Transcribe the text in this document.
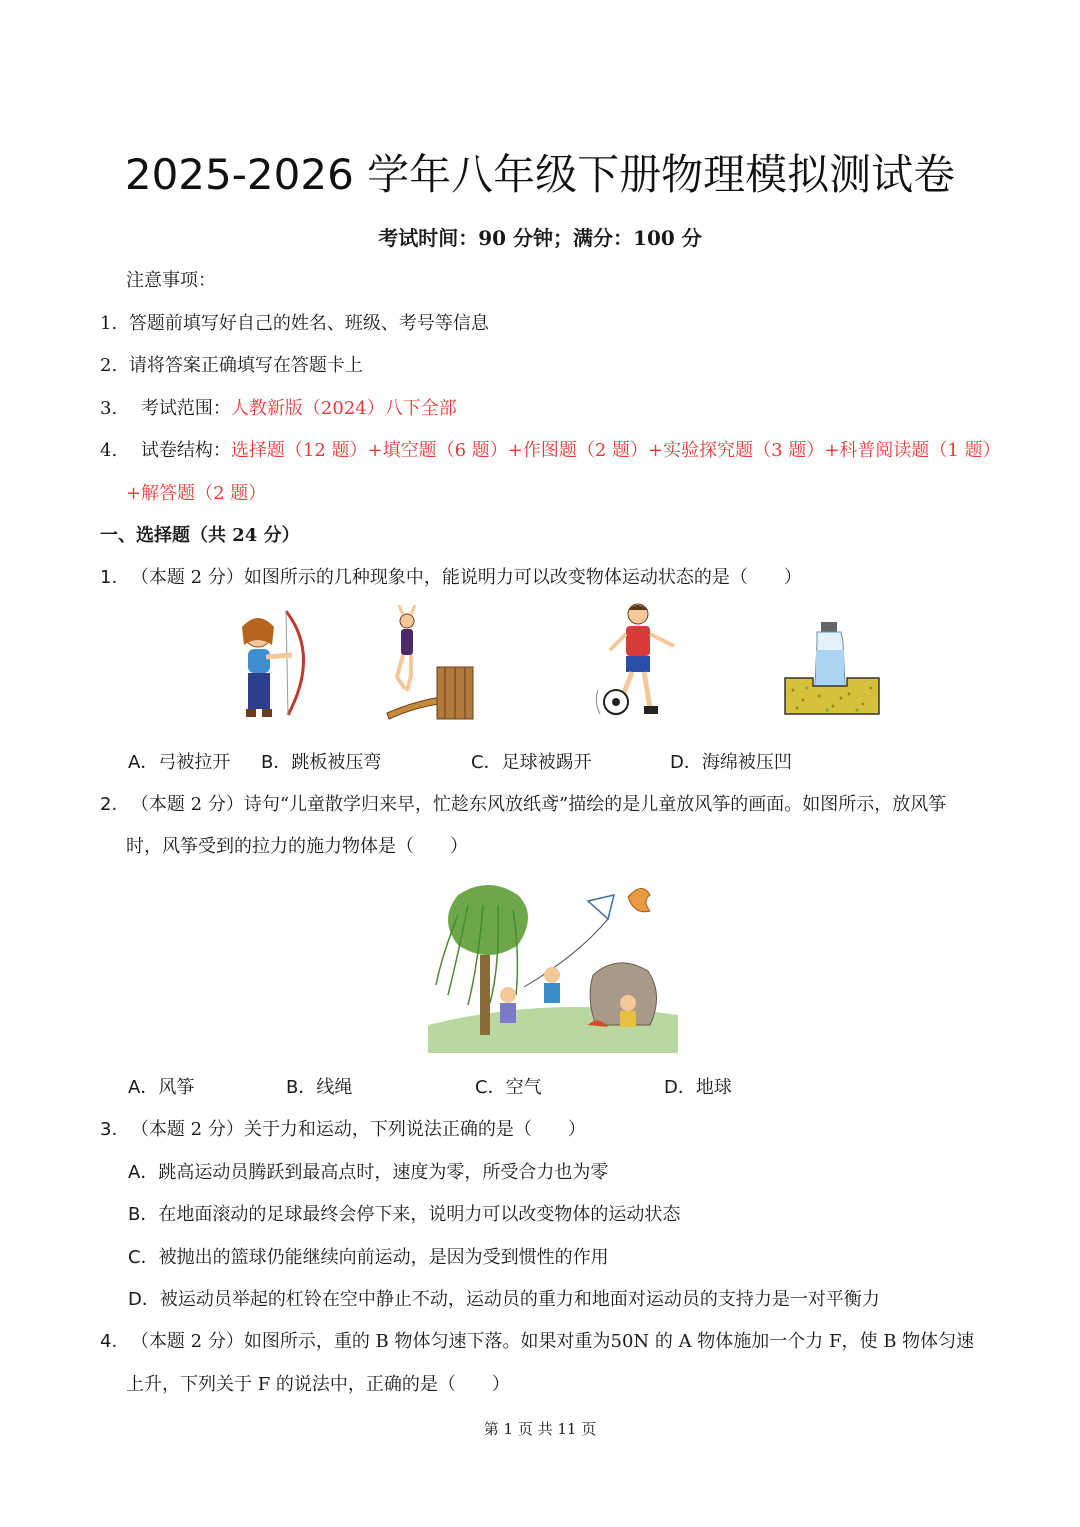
2025-2026 学年八年级下册物理模拟测试卷
考试时间：90 分钟；满分：100 分
注意事项：
1. 答题前填写好自己的姓名、班级、考号等信息
2. 请将答案正确填写在答题卡上
3. 考试范围：人教新版（2024）八下全部
4. 试卷结构：选择题（12 题）+填空题（6 题）+作图题（2 题）+实验探究题（3 题）+科普阅读题（1 题）
+解答题（2 题）
一、选择题（共 24 分）
1. （本题 2 分）如图所示的几种现象中，能说明力可以改变物体运动状态的是（　　）
A．弓被拉开 B．跳板被压弯	C．足球被踢开	D．海绵被压凹
2. （本题 2 分）诗句“儿童散学归来早，忙趁东风放纸鸢”描绘的是儿童放风筝的画面。如图所示，放风筝
时，风筝受到的拉力的施力物体是（　　）
A．风筝	B．线绳	C．空气	D．地球
3. （本题 2 分）关于力和运动，下列说法正确的是（　　）
A．跳高运动员腾跃到最高点时，速度为零，所受合力也为零
B．在地面滚动的足球最终会停下来，说明力可以改变物体的运动状态
C．被抛出的篮球仍能继续向前运动，是因为受到惯性的作用
D．被运动员举起的杠铃在空中静止不动，运动员的重力和地面对运动员的支持力是一对平衡力
4. （本题 2 分）如图所示，重的 B 物体匀速下落。如果对重为50N 的 A 物体施加一个力 F，使 B 物体匀速
上升，下列关于 F 的说法中，正确的是（　　）
第 1 页 共 11 页
